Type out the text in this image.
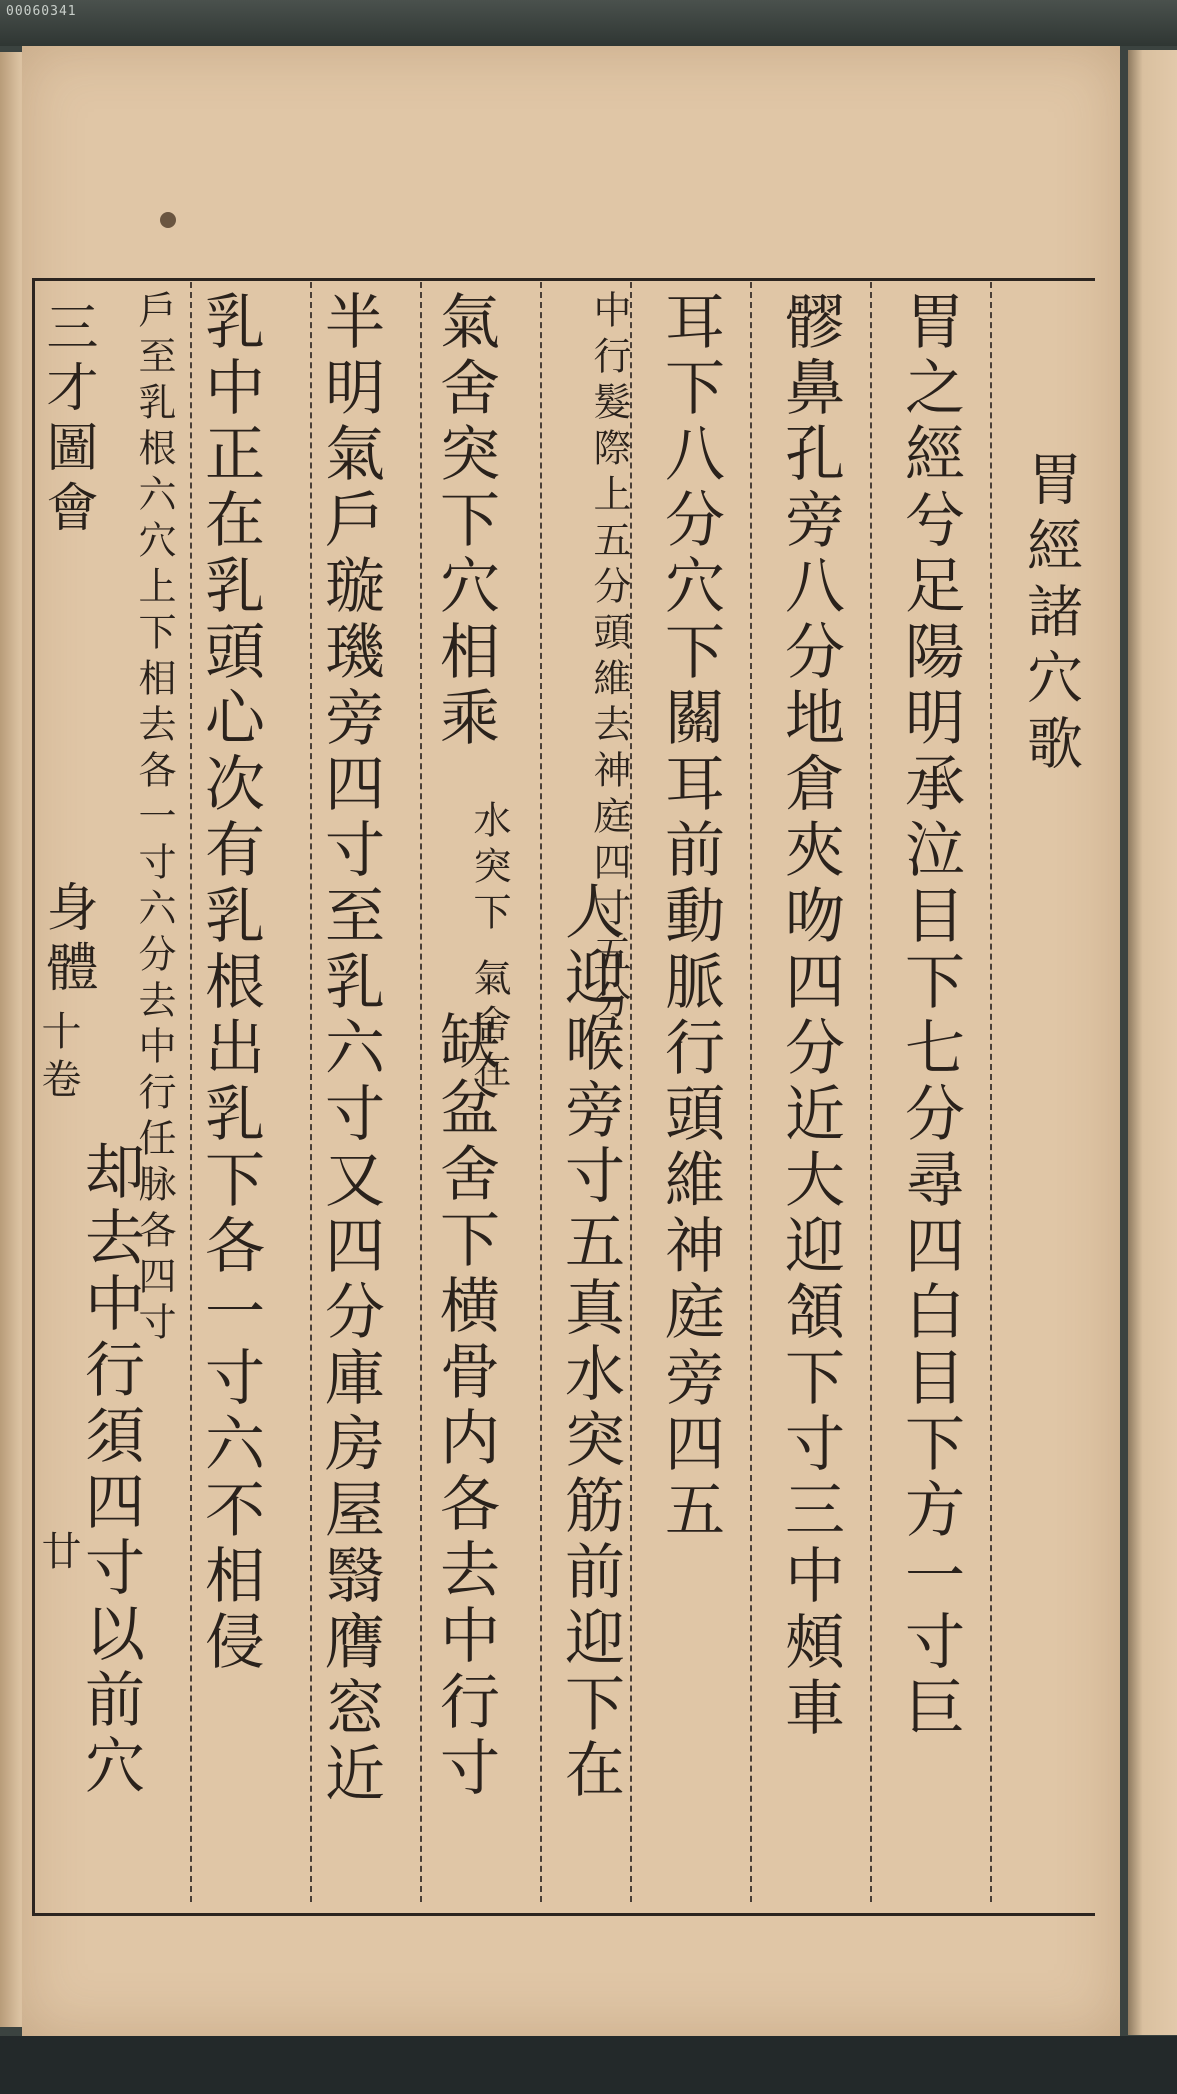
00060341
三才圖會
身體
十卷
廿
胃經諸穴歌
胃之經兮足陽明承泣目下七分尋四白目下方一寸巨
髎鼻孔旁八分地倉夾吻四分近大迎頷下寸三中頰車
耳下八分穴下關耳前動脈行頭維神庭旁四五
中行髮際上五分頭維去神庭四寸五分
人迎喉旁寸五真水突筋前迎下在
氣舍突下穴相乘
水突下 氣舍在
缺盆舍下横骨内各去中行寸
半明氣戶璇璣旁四寸至乳六寸又四分庫房屋翳膺窓近
乳中正在乳頭心次有乳根出乳下各一寸六不相侵
戶至乳根六穴上下相去各一寸六分去中行任脉各四寸
却去中行須四寸以前穴
